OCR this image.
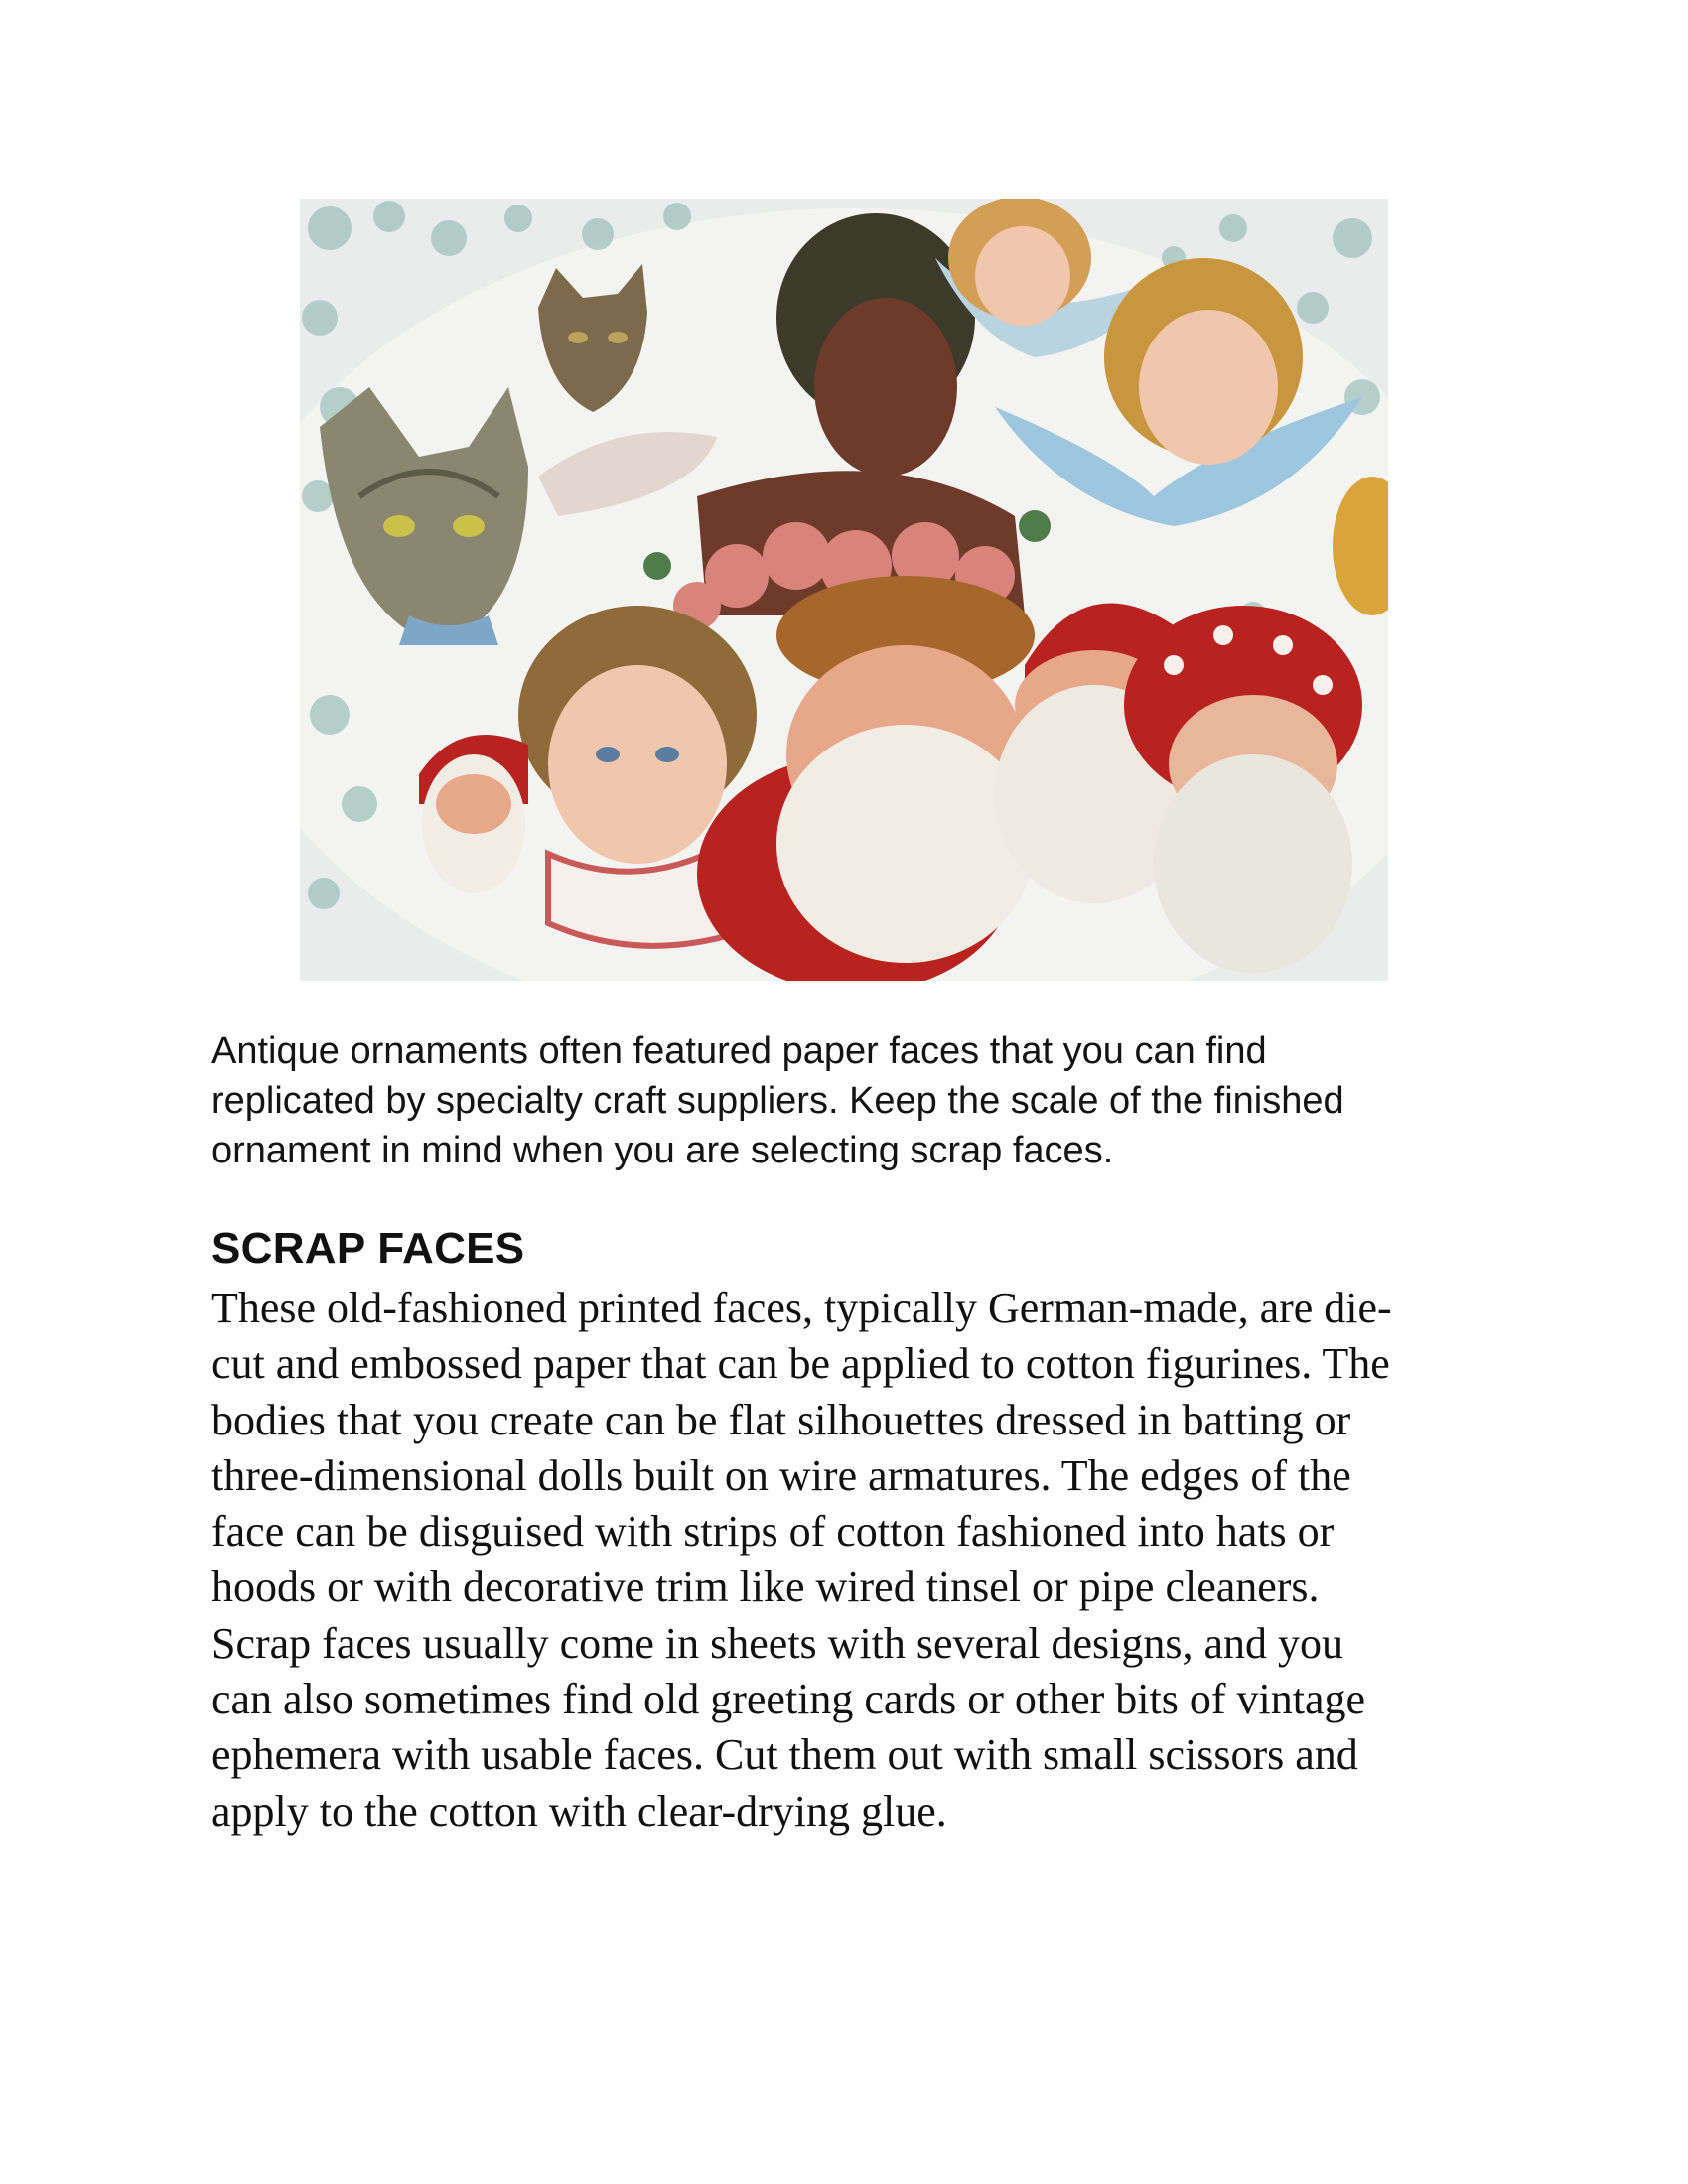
Antique ornaments often featured paper faces that you can find
replicated by specialty craft suppliers. Keep the scale of the finished
ornament in mind when you are selecting scrap faces.

SCRAP FACES

These old-fashioned printed faces, typically German-made, are die-
cut and embossed paper that can be applied to cotton figurines. The
bodies that you create can be flat silhouettes dressed in batting or
three-dimensional dolls built on wire armatures. The edges of the
face can be disguised with strips of cotton fashioned into hats or
hoods or with decorative trim like wired tinsel or pipe cleaners.
Scrap faces usually come in sheets with several designs, and you
can also sometimes find old greeting cards or other bits of vintage
ephemera with usable faces. Cut them out with small scissors and
apply to the cotton with clear-drying glue.
